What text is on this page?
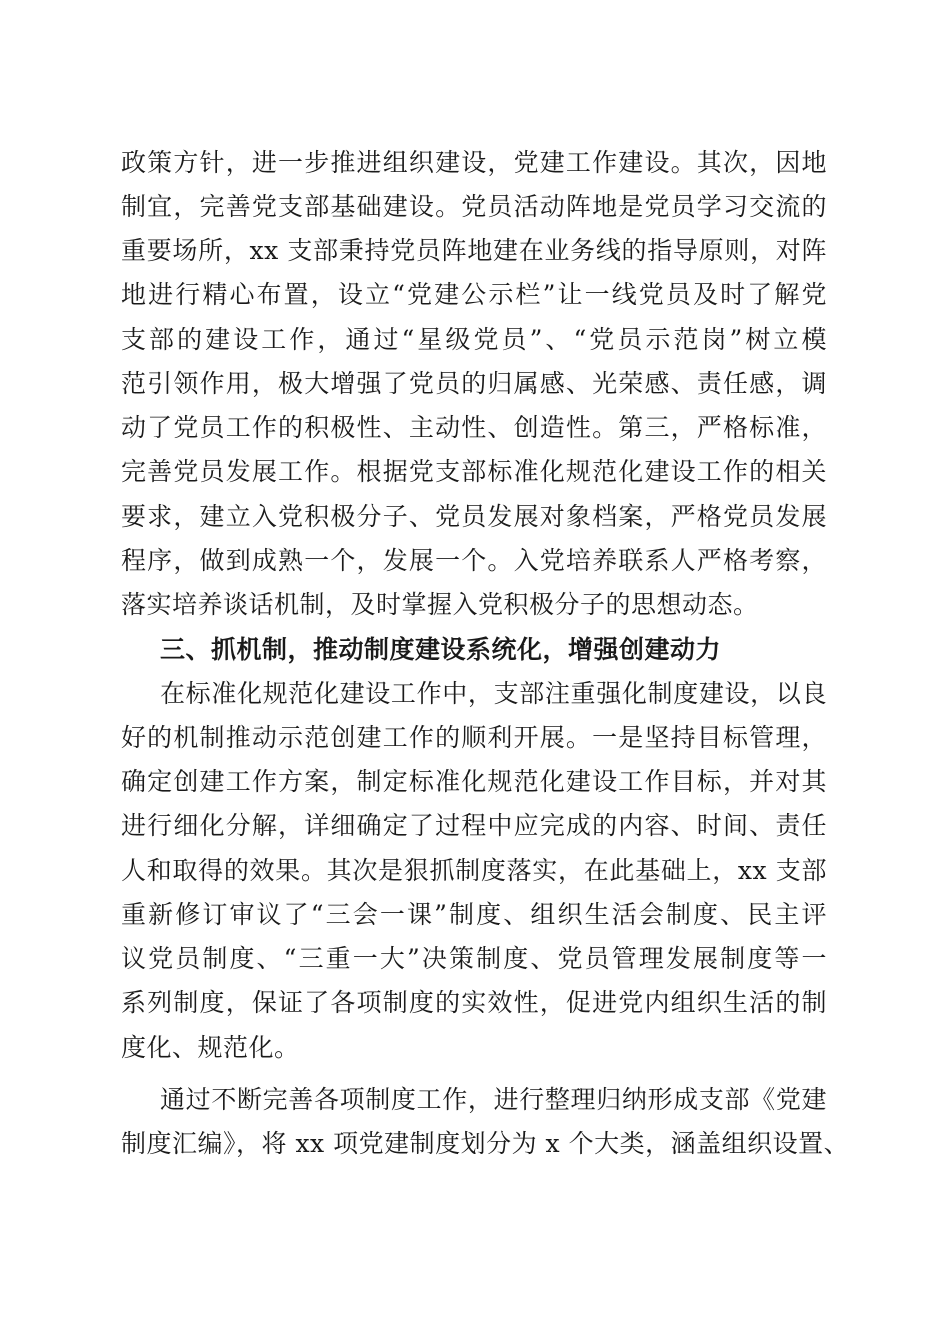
政策方针，进一步推进组织建设，党建工作建设。其次，因地
制宜，完善党支部基础建设。党员活动阵地是党员学习交流的
重要场所，xx 支部秉持党员阵地建在业务线的指导原则，对阵
地进行精心布置，设立“党建公示栏”让一线党员及时了解党
支部的建设工作，通过“星级党员”、“党员示范岗”树立模
范引领作用，极大增强了党员的归属感、光荣感、责任感，调
动了党员工作的积极性、主动性、创造性。第三，严格标准，
完善党员发展工作。根据党支部标准化规范化建设工作的相关
要求，建立入党积极分子、党员发展对象档案，严格党员发展
程序，做到成熟一个，发展一个。入党培养联系人严格考察，
落实培养谈话机制，及时掌握入党积极分子的思想动态。
三、抓机制，推动制度建设系统化，增强创建动力
在标准化规范化建设工作中，支部注重强化制度建设，以良
好的机制推动示范创建工作的顺利开展。一是坚持目标管理，
确定创建工作方案，制定标准化规范化建设工作目标，并对其
进行细化分解，详细确定了过程中应完成的内容、时间、责任
人和取得的效果。其次是狠抓制度落实，在此基础上，xx 支部
重新修订审议了“三会一课”制度、组织生活会制度、民主评
议党员制度、“三重一大”决策制度、党员管理发展制度等一
系列制度，保证了各项制度的实效性，促进党内组织生活的制
度化、规范化。
通过不断完善各项制度工作，进行整理归纳形成支部《党建
制度汇编》，将 xx 项党建制度划分为 x 个大类，涵盖组织设置、
